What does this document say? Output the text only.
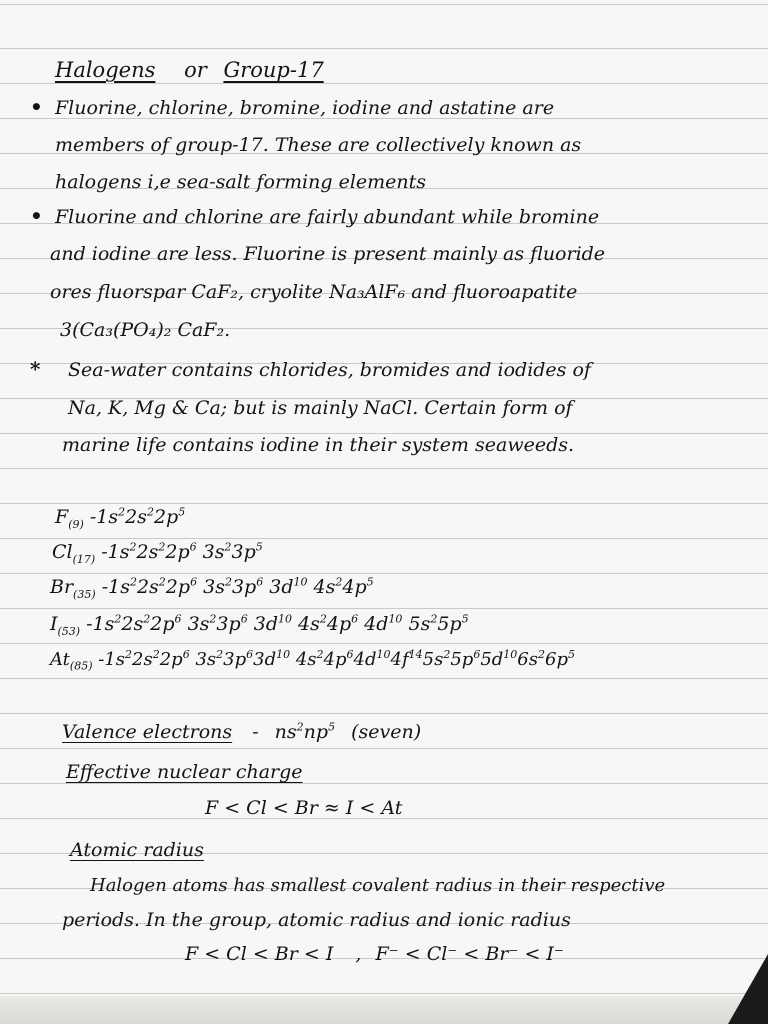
Halogens or Group-17
• Fluorine, chlorine, bromine, iodine and astatine are
members of group-17. These are collectively known as
halogens i,e sea-salt forming elements
• Fluorine and chlorine are fairly abundant while bromine
and iodine are less. Fluorine is present mainly as fluoride
ores fluorspar CaF₂, cryolite Na₃AlF₆ and fluoroapatite
3(Ca₃(PO₄)₂ CaF₂.
* Sea-water contains chlorides, bromides and iodides of
Na, K, Mg & Ca; but is mainly NaCl. Certain form of
marine life contains iodine in their system seaweeds.
$F_{(9)}$ $-1s^22s^22p^5$
$Cl_{(17)}$ $-1s^22s^22p^6$ $3s^23p^5$
$Br_{(35)}$ $-1s^22s^22p^6$ $3s^23p^6$ $3d^{10}$ $4s^24p^5$
$I_{(53)}$ $-1s^22s^22p^6$ $3s^23p^6$ $3d^{10}$ $4s^24p^6$ $4d^{10}$ $5s^25p^5$
$At_{(85)}$ $-1s^22s^22p^6$ $3s^23p^63d^{10}$ $4s^24p^64d^{10}4f^{14}5s^25p^65d^{10}6s^26p^5$
Valence electrons - $ns^2np^5$ (seven)
Effective nuclear charge
F < Cl < Br ≈ I < At
Atomic radius
Halogen atoms has smallest covalent radius in their respective
periods. In the group, atomic radius and ionic radius
F < Cl < Br < I , F⁻ < Cl⁻ < Br⁻ < I⁻
